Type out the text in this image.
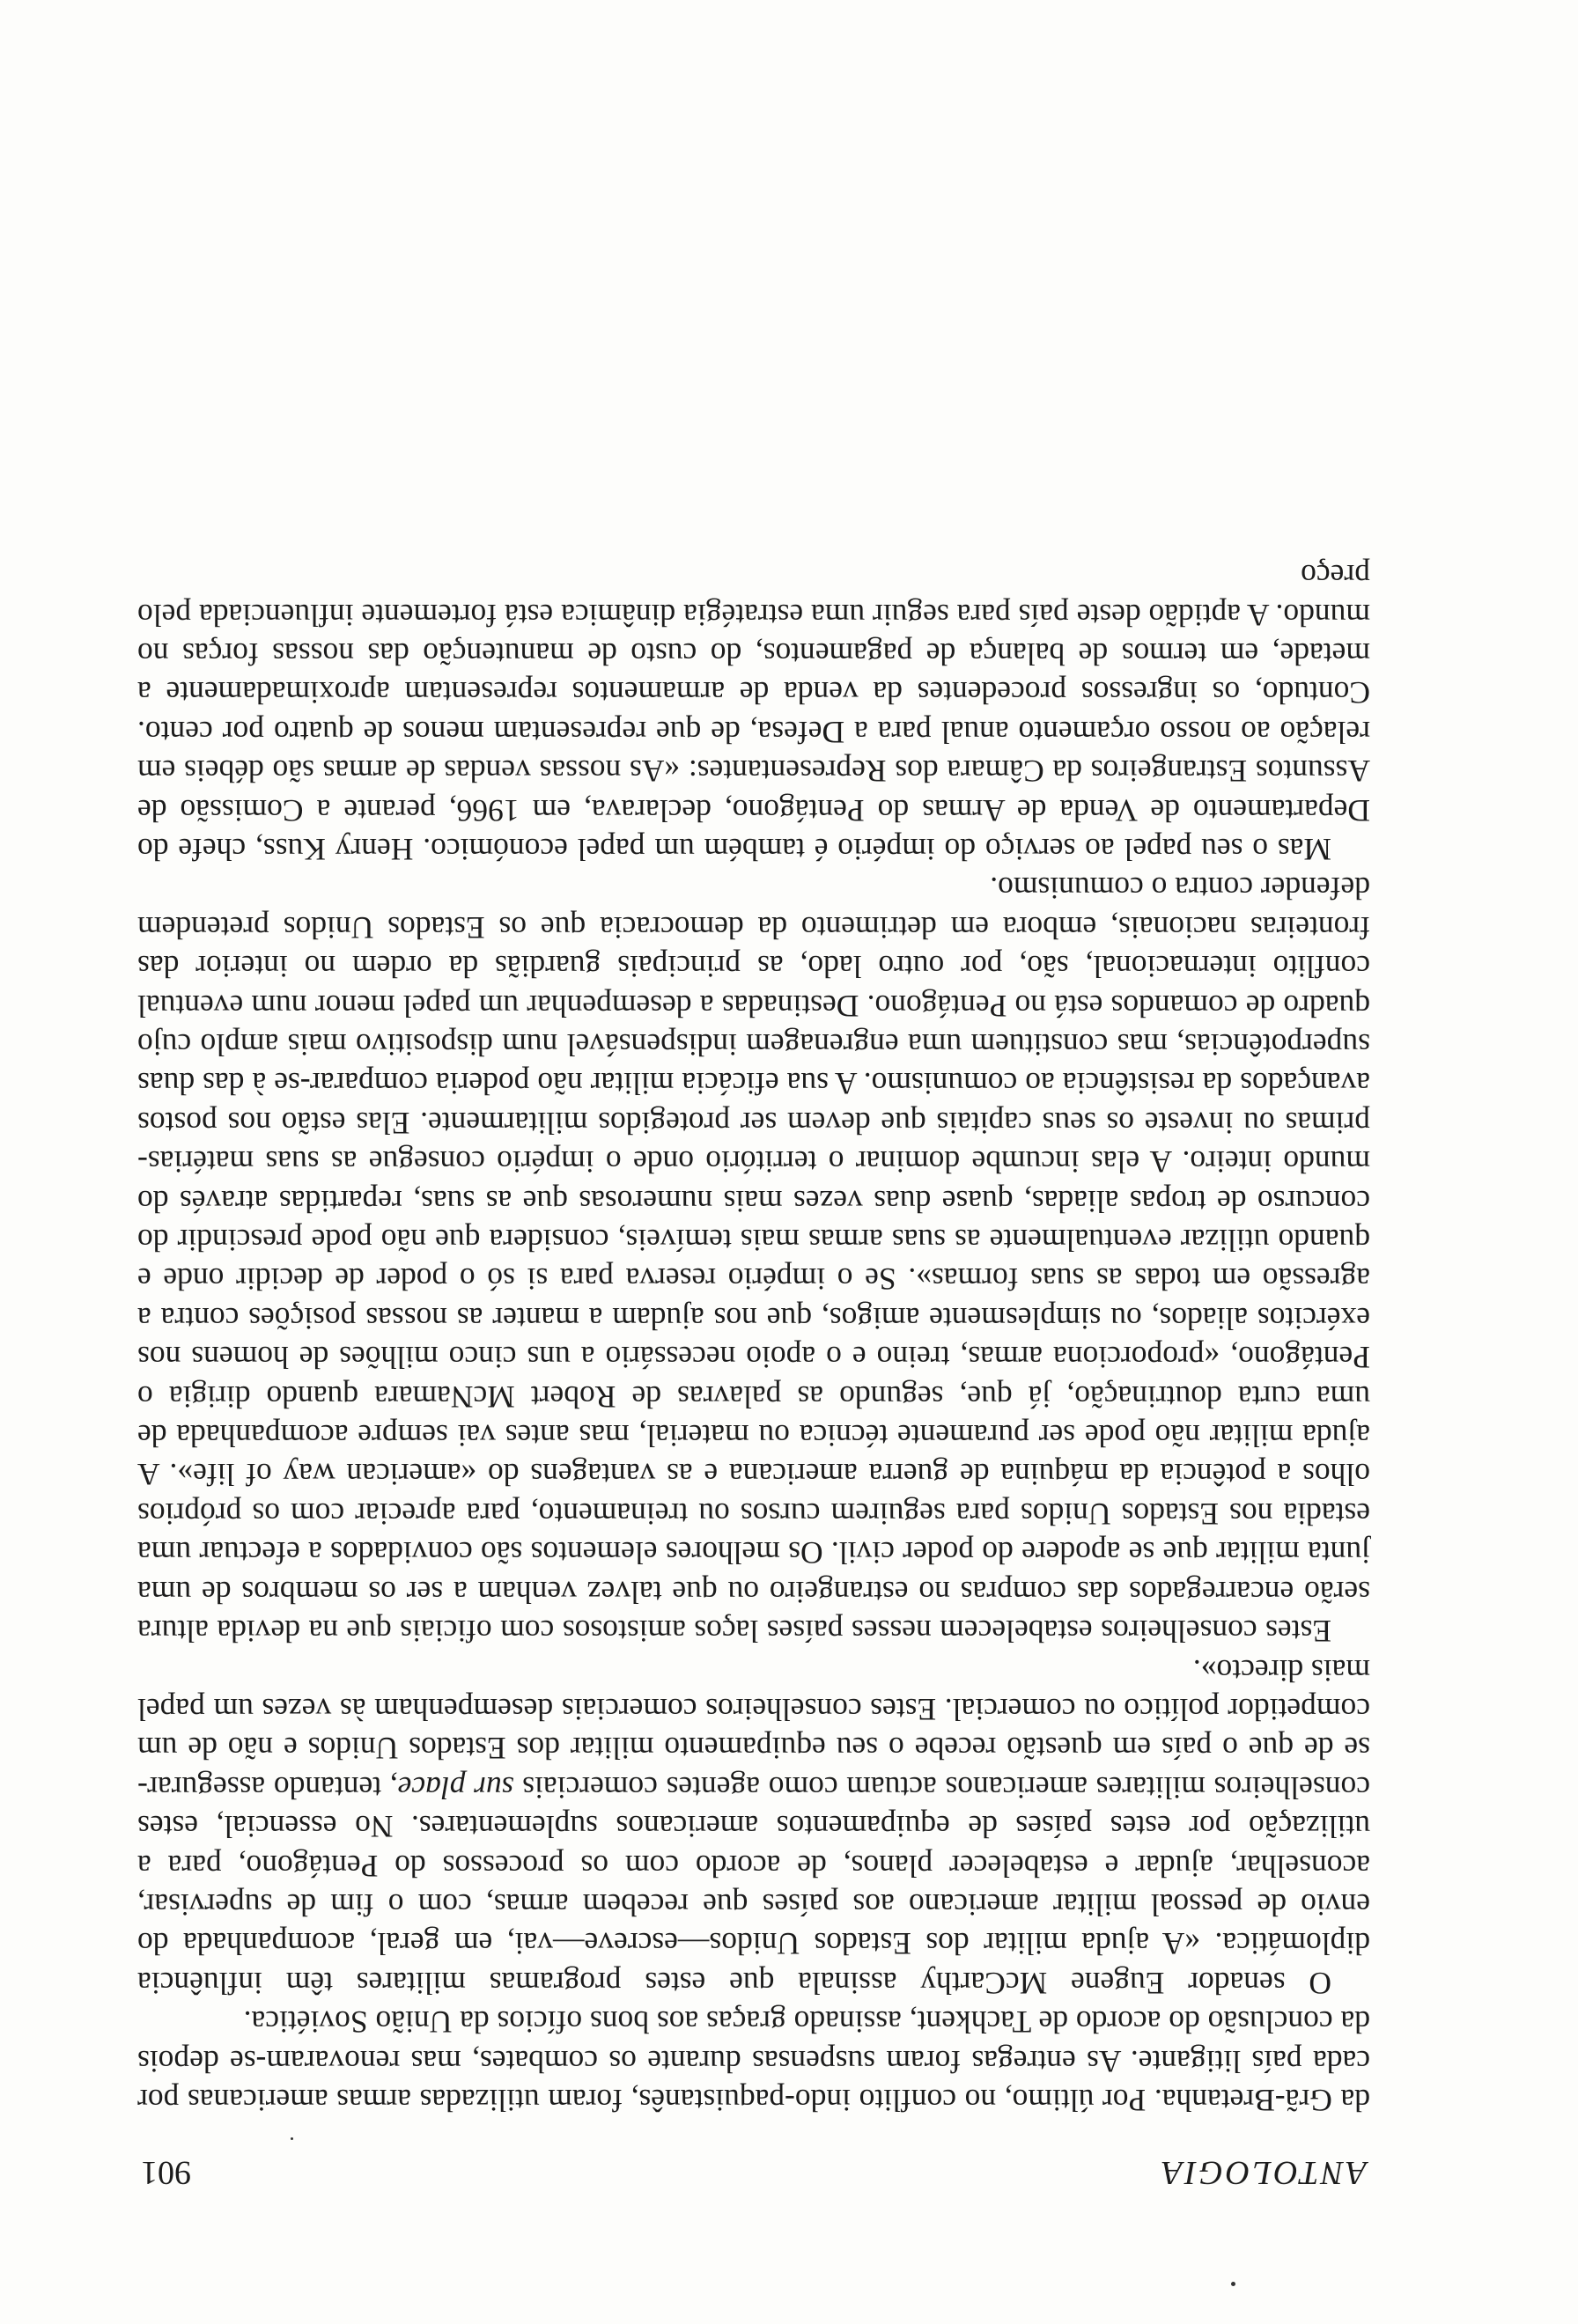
ANTOLOGIA
901

da Grã-Bretanha. Por último, no conflito indo-paquistanês, foram utilizadas armas americanas por cada país litigante. As entregas foram suspensas durante os combates, mas renovaram-se depois da conclusão do acordo de Tachkent, assinado graças aos bons ofícios da União Soviética.

O senador Eugene McCarthy assinala que estes programas militares têm influência diplomática. «A ajuda militar dos Estados Unidos—escreve—vai, em geral, acompanhada do envio de pessoal militar americano aos países que recebem armas, com o fim de supervisar, aconselhar, ajudar e estabelecer planos, de acordo com os processos do Pentágono, para a utilização por estes países de equipamentos americanos suplementares. No essencial, estes conselheiros militares americanos actuam como agentes comerciais sur place, tentando assegurar-se de que o país em questão recebe o seu equipamento militar dos Estados Unidos e não de um competidor político ou comercial. Estes conselheiros comerciais desempenham às vezes um papel mais directo».

Estes conselheiros estabelecem nesses países laços amistosos com oficiais que na devida altura serão encarregados das compras no estrangeiro ou que talvez venham a ser os membros de uma junta militar que se apodere do poder civil. Os melhores elementos são convidados a efectuar uma estadia nos Estados Unidos para seguirem cursos ou treinamento, para apreciar com os próprios olhos a potência da máquina de guerra americana e as vantagens do «american way of life». A ajuda militar não pode ser puramente técnica ou material, mas antes vai sempre acompanhada de uma curta doutrinação, já que, segundo as palavras de Robert McNamara quando dirigia o Pentágono, «proporciona armas, treino e o apoio necessário a uns cinco milhões de homens nos exércitos aliados, ou simplesmente amigos, que nos ajudam a manter as nossas posições contra a agressão em todas as suas formas». Se o império reserva para si só o poder de decidir onde e quando utilizar eventualmente as suas armas mais temíveis, considera que não pode prescindir do concurso de tropas aliadas, quase duas vezes mais numerosas que as suas, repartidas através do mundo inteiro. A elas incumbe dominar o território onde o império consegue as suas matérias-primas ou investe os seus capitais que devem ser protegidos militarmente. Elas estão nos postos avançados da resistência ao comunismo. A sua eficácia militar não poderia comparar-se à das duas superpotências, mas constituem uma engrenagem indispensável num dispositivo mais amplo cujo quadro de comandos está no Pentágono. Destinadas a desempenhar um papel menor num eventual conflito internacional, são, por outro lado, as principais guardiãs da ordem no interior das fronteiras nacionais, embora em detrimento da democracia que os Estados Unidos pretendem defender contra o comunismo.

Mas o seu papel ao serviço do império é também um papel económico. Henry Kuss, chefe do Departamento de Venda de Armas do Pentágono, declarava, em 1966, perante a Comissão de Assuntos Estrangeiros da Câmara dos Representantes: «As nossas vendas de armas são débeis em relação ao nosso orçamento anual para a Defesa, de que representam menos de quatro por cento. Contudo, os ingressos procedentes da venda de armamentos representam aproximadamente a metade, em termos de balança de pagamentos, do custo de manutenção das nossas forças no mundo. A aptidão deste país para seguir uma estratégia dinâmica está fortemente influenciada pelo preço
